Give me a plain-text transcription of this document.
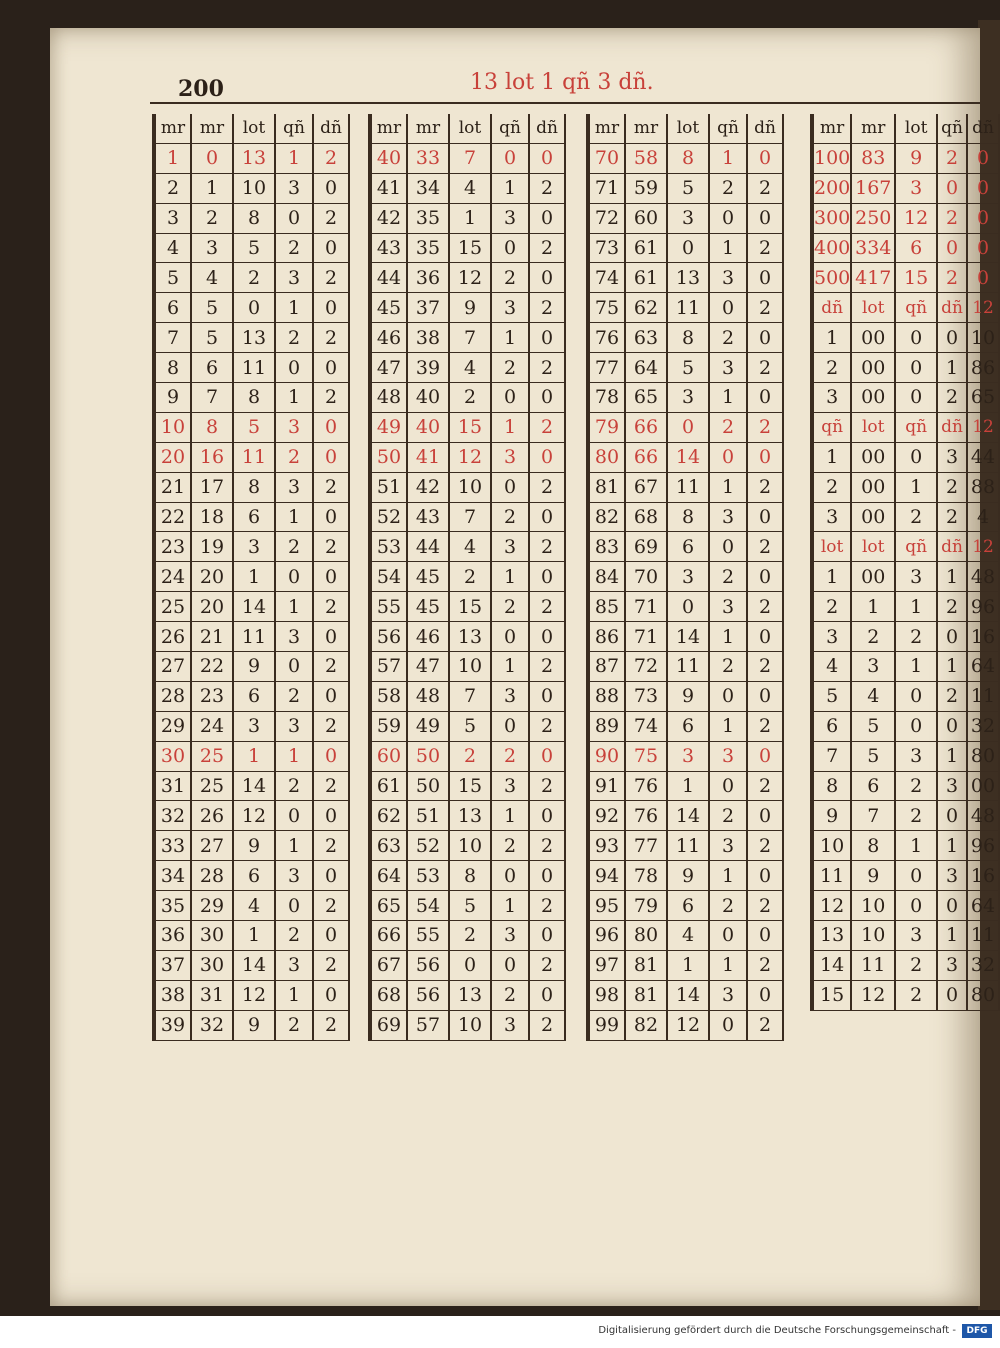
200	13 lot 1 qñ 3 dñ.
mr	mr	lot	qñ	dñ
1	0	13	1	2
2	1	10	3	0
3	2	8	0	2
4	3	5	2	0
5	4	2	3	2
6	5	0	1	0
7	5	13	2	2
8	6	11	0	0
9	7	8	1	2
10	8	5	3	0
20	16	11	2	0
21	17	8	3	2
22	18	6	1	0
23	19	3	2	2
24	20	1	0	0
25	20	14	1	2
26	21	11	3	0
27	22	9	0	2
28	23	6	2	0
29	24	3	3	2
30	25	1	1	0
31	25	14	2	2
32	26	12	0	0
33	27	9	1	2
34	28	6	3	0
35	29	4	0	2
36	30	1	2	0
37	30	14	3	2
38	31	12	1	0
39	32	9	2	2
mr	mr	lot	qñ	dñ
40	33	7	0	0
41	34	4	1	2
42	35	1	3	0
43	35	15	0	2
44	36	12	2	0
45	37	9	3	2
46	38	7	1	0
47	39	4	2	2
48	40	2	0	0
49	40	15	1	2
50	41	12	3	0
51	42	10	0	2
52	43	7	2	0
53	44	4	3	2
54	45	2	1	0
55	45	15	2	2
56	46	13	0	0
57	47	10	1	2
58	48	7	3	0
59	49	5	0	2
60	50	2	2	0
61	50	15	3	2
62	51	13	1	0
63	52	10	2	2
64	53	8	0	0
65	54	5	1	2
66	55	2	3	0
67	56	0	0	2
68	56	13	2	0
69	57	10	3	2
mr	mr	lot	qñ	dñ
70	58	8	1	0
71	59	5	2	2
72	60	3	0	0
73	61	0	1	2
74	61	13	3	0
75	62	11	0	2
76	63	8	2	0
77	64	5	3	2
78	65	3	1	0
79	66	0	2	2
80	66	14	0	0
81	67	11	1	2
82	68	8	3	0
83	69	6	0	2
84	70	3	2	0
85	71	0	3	2
86	71	14	1	0
87	72	11	2	2
88	73	9	0	0
89	74	6	1	2
90	75	3	3	0
91	76	1	0	2
92	76	14	2	0
93	77	11	3	2
94	78	9	1	0
95	79	6	2	2
96	80	4	0	0
97	81	1	1	2
98	81	14	3	0
99	82	12	0	2
mr	mr	lot	qñ	dñ
100	83	9	2	0
200	167	3	0	0
300	250	12	2	0
400	334	6	0	0
500	417	15	2	0
dñ	lot	qñ	dñ	12
1	00	0	0	10
2	00	0	1	86
3	00	0	2	65
qñ	lot	qñ	dñ	12
1	00	0	3	44
2	00	1	2	88
3	00	2	2	4
lot	lot	qñ	dñ	12
1	00	3	1	48
2	1	1	2	96
3	2	2	0	16
4	3	1	1	64
5	4	0	2	11
6	5	0	0	32
7	5	3	1	80
8	6	2	3	00
9	7	2	0	48
10	8	1	1	96
11	9	0	3	16
12	10	0	0	64
13	10	3	1	11
14	11	2	3	32
15	12	2	0	80
Digitalisierung gefördert durch die Deutsche Forschungsgemeinschaft -	DFG
